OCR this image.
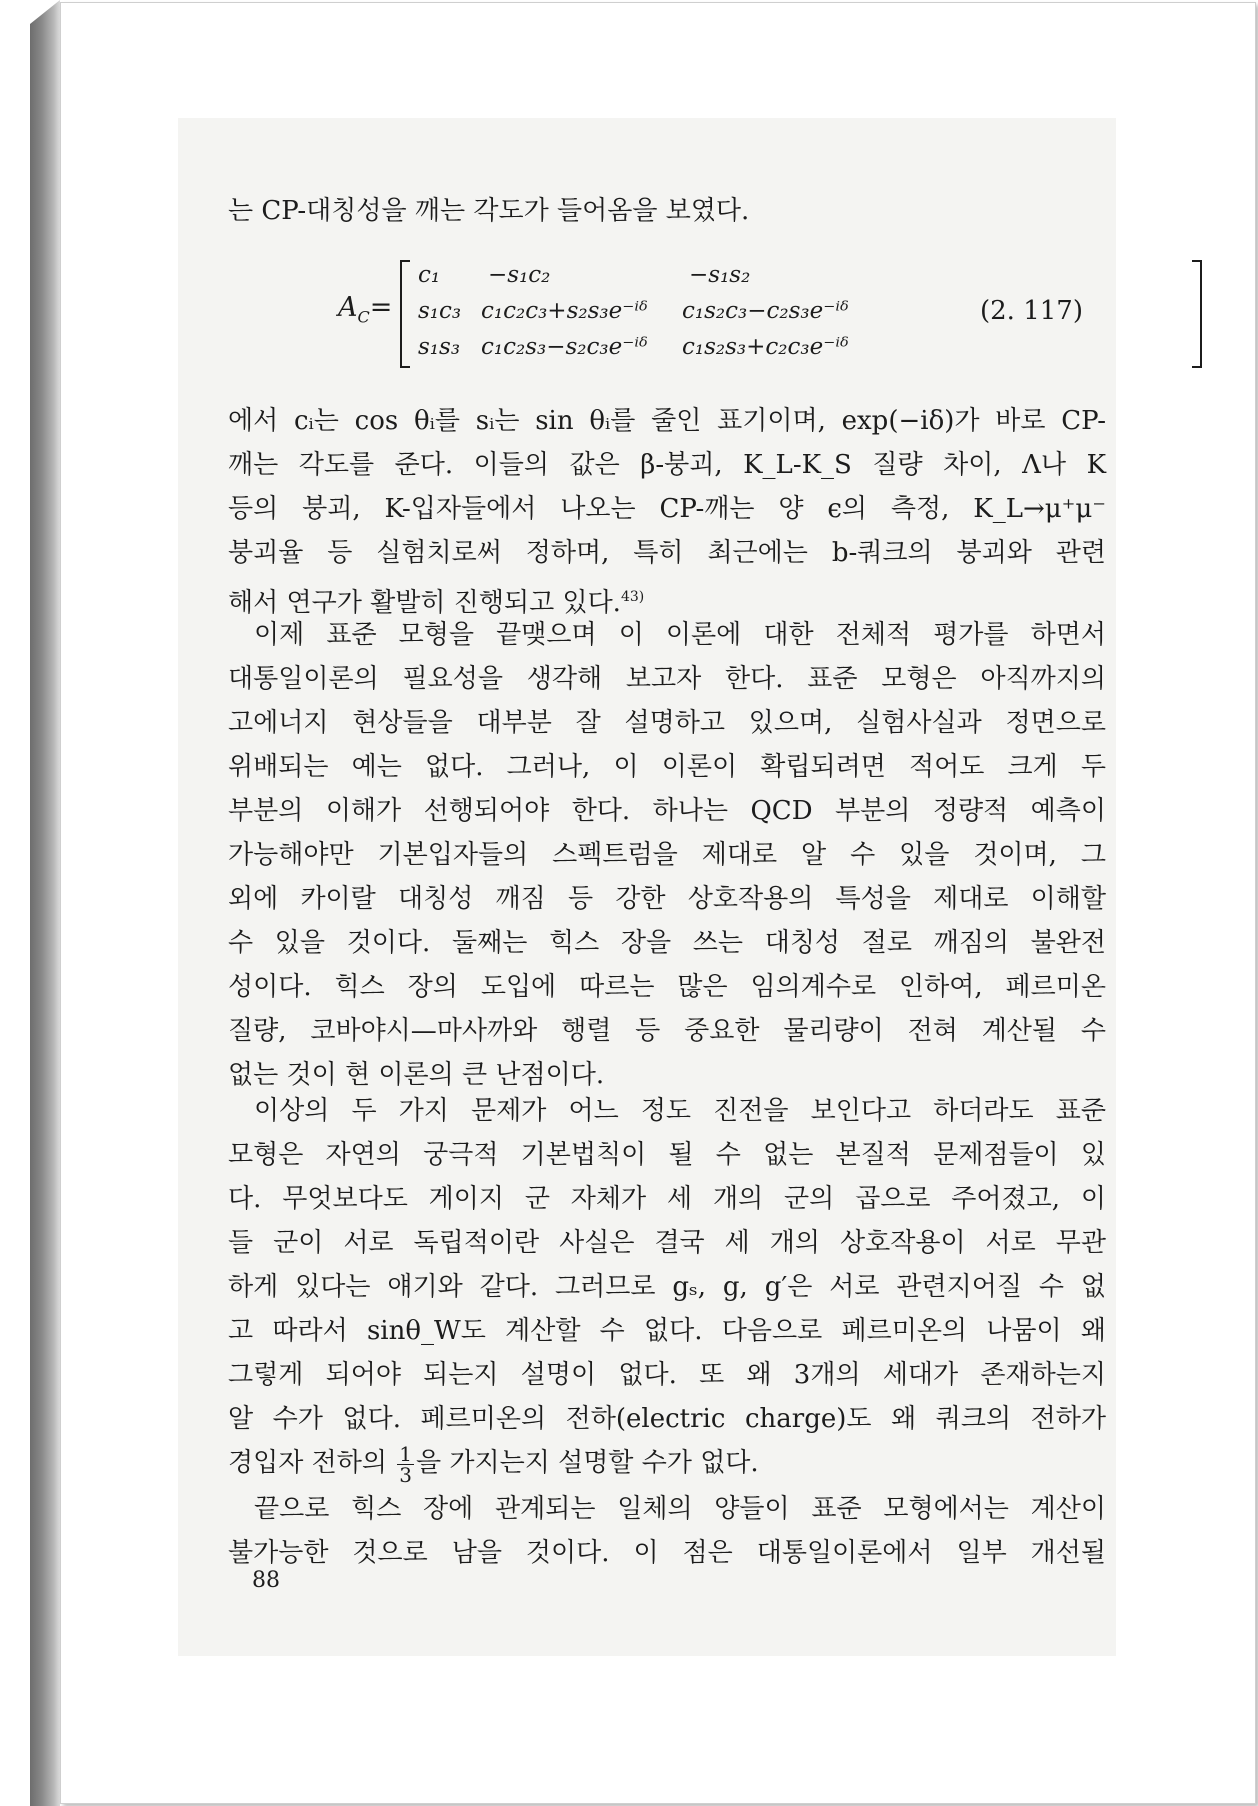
는 CP-대칭성을 깨는 각도가 들어옴을 보였다.
$A_C=$
c₁ −s₁c₂	−s₁s₂
s₁c₃ c₁c₂c₃+s₂s₃e⁻ⁱᵟ c₁s₂c₃−c₂s₃e⁻ⁱᵟ
s₁s₃ c₁c₂s₃−s₂c₃e⁻ⁱᵟ c₁s₂s₃+c₂c₃e⁻ⁱᵟ
(2. 117)
에서 cᵢ는 cos θᵢ를 sᵢ는 sin θᵢ를 줄인 표기이며, exp(−iδ)가 바로 CP-
깨는 각도를 준다. 이들의 값은 β-붕괴, K_L-K_S 질량 차이, Λ나 K
등의 붕괴, K-입자들에서 나오는 CP-깨는 양 ϵ의 측정, K_L→μ⁺μ⁻
붕괴율 등 실험치로써 정하며, 특히 최근에는 b-쿼크의 붕괴와 관련
해서 연구가 활발히 진행되고 있다.$^{43)}$
이제 표준 모형을 끝맺으며 이 이론에 대한 전체적 평가를 하면서
대통일이론의 필요성을 생각해 보고자 한다. 표준 모형은 아직까지의
고에너지 현상들을 대부분 잘 설명하고 있으며, 실험사실과 정면으로
위배되는 예는 없다. 그러나, 이 이론이 확립되려면 적어도 크게 두
부분의 이해가 선행되어야 한다. 하나는 QCD 부분의 정량적 예측이
가능해야만 기본입자들의 스펙트럼을 제대로 알 수 있을 것이며, 그
외에 카이랄 대칭성 깨짐 등 강한 상호작용의 특성을 제대로 이해할
수 있을 것이다. 둘째는 힉스 장을 쓰는 대칭성 절로 깨짐의 불완전
성이다. 힉스 장의 도입에 따르는 많은 임의계수로 인하여, 페르미온
질량, 코바야시—마사까와 행렬 등 중요한 물리량이 전혀 계산될 수
없는 것이 현 이론의 큰 난점이다.
이상의 두 가지 문제가 어느 정도 진전을 보인다고 하더라도 표준
모형은 자연의 궁극적 기본법칙이 될 수 없는 본질적 문제점들이 있
다. 무엇보다도 게이지 군 자체가 세 개의 군의 곱으로 주어졌고, 이
들 군이 서로 독립적이란 사실은 결국 세 개의 상호작용이 서로 무관
하게 있다는 얘기와 같다. 그러므로 gₛ, g, g′은 서로 관련지어질 수 없
고 따라서 sinθ_W도 계산할 수 없다. 다음으로 페르미온의 나뭄이 왜
그렇게 되어야 되는지 설명이 없다. 또 왜 3개의 세대가 존재하는지
알 수가 없다. 페르미온의 전하(electric charge)도 왜 쿼크의 전하가
경입자 전하의 $\frac{1}{3}$ 을 가지는지 설명할 수가 없다.
끝으로 힉스 장에 관계되는 일체의 양들이 표준 모형에서는 계산이
불가능한 것으로 남을 것이다. 이 점은 대통일이론에서 일부 개선될
88
